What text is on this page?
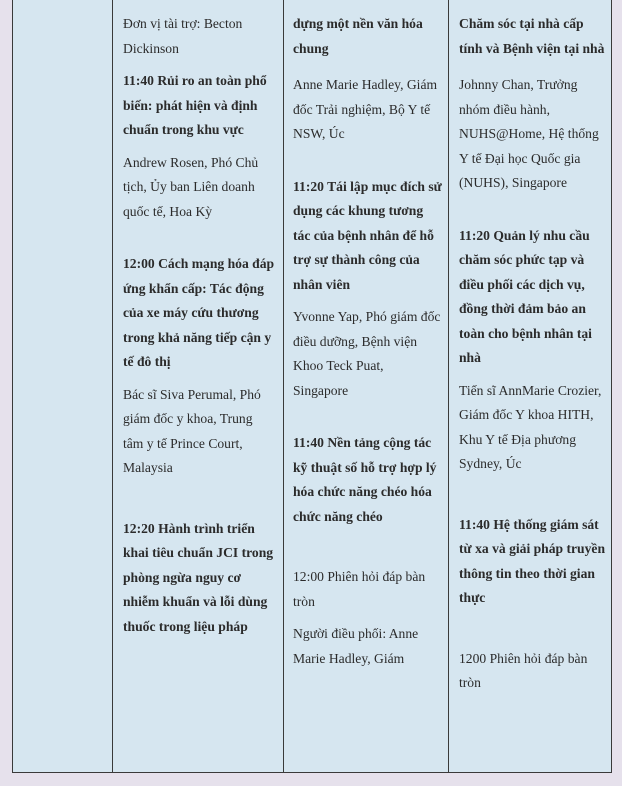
Đơn vị tài trợ: Becton Dickinson

11:40 Rủi ro an toàn phổ biến: phát hiện và định chuẩn trong khu vực

Andrew Rosen, Phó Chủ tịch, Ủy ban Liên doanh quốc tế, Hoa Kỳ

12:00 Cách mạng hóa đáp ứng khẩn cấp: Tác động của xe máy cứu thương trong khả năng tiếp cận y tế đô thị

Bác sĩ Siva Perumal, Phó giám đốc y khoa, Trung tâm y tế Prince Court, Malaysia

12:20 Hành trình triển khai tiêu chuẩn JCI trong phòng ngừa nguy cơ nhiễm khuẩn và lỗi dùng thuốc trong liệu pháp

dựng một nền văn hóa chung

Anne Marie Hadley, Giám đốc Trải nghiệm, Bộ Y tế NSW, Úc

11:20 Tái lập mục đích sử dụng các khung tương tác của bệnh nhân để hỗ trợ sự thành công của nhân viên

Yvonne Yap, Phó giám đốc điều dưỡng, Bệnh viện Khoo Teck Puat, Singapore

11:40 Nền tảng cộng tác kỹ thuật số hỗ trợ hợp lý hóa chức năng chéo hóa chức năng chéo

12:00 Phiên hỏi đáp bàn tròn

Người điều phối: Anne Marie Hadley, Giám

Chăm sóc tại nhà cấp tính và Bệnh viện tại nhà

Johnny Chan, Trưởng nhóm điều hành, NUHS@Home, Hệ thống Y tế Đại học Quốc gia (NUHS), Singapore

11:20 Quản lý nhu cầu chăm sóc phức tạp và điều phối các dịch vụ, đồng thời đảm bảo an toàn cho bệnh nhân tại nhà

Tiến sĩ AnnMarie Crozier, Giám đốc Y khoa HITH, Khu Y tế Địa phương Sydney, Úc

11:40 Hệ thống giám sát từ xa và giải pháp truyền thông tin theo thời gian thực

1200 Phiên hỏi đáp bàn tròn
